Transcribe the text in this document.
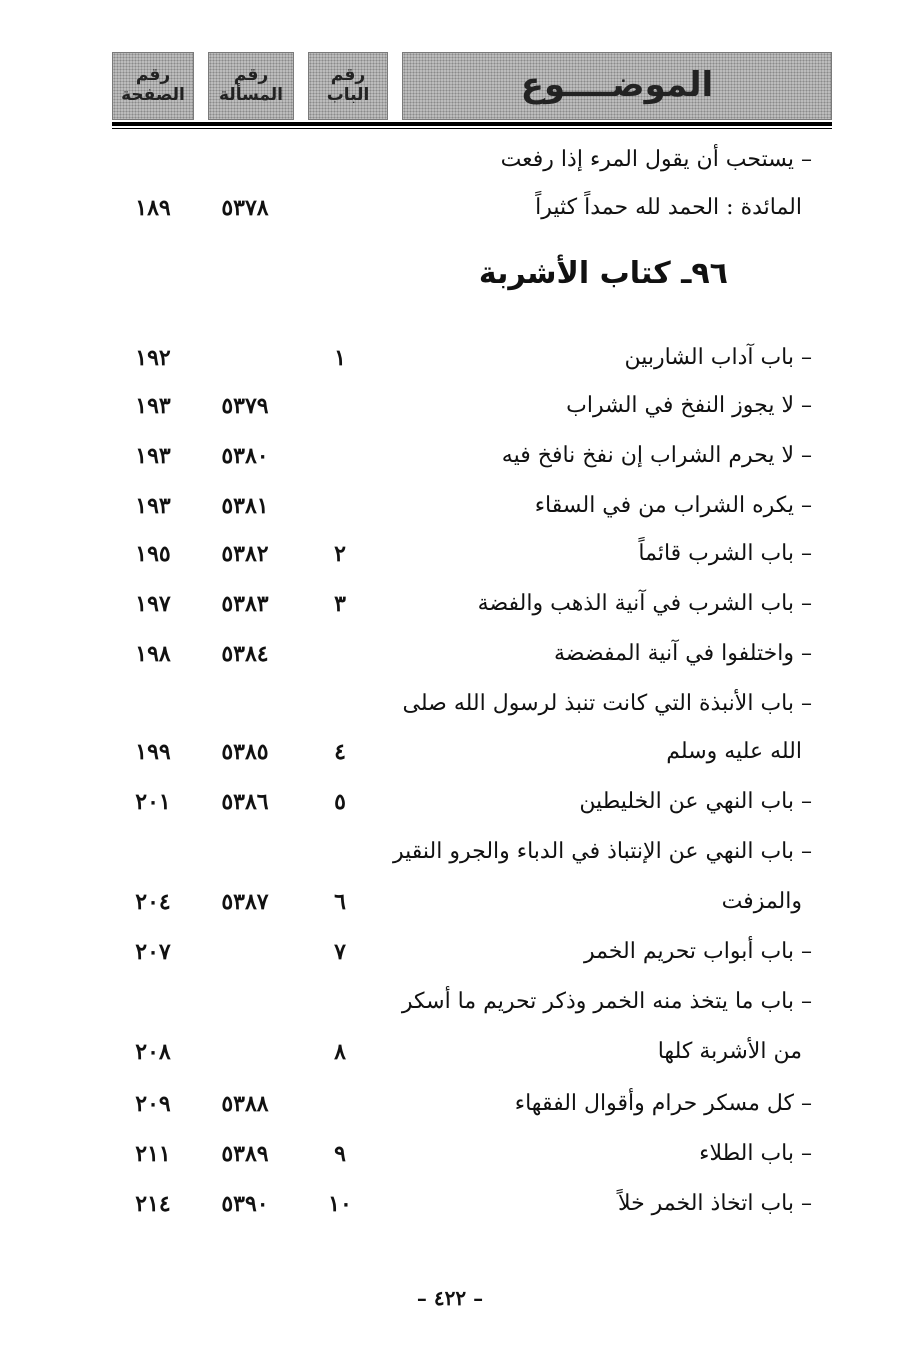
رقم
الصفحة
رقم
المسألة
رقم
الباب	الموضــــوع
٩٦ـ كتاب الأشربة
– يستحب أن يقول المرء إذا رفعت
المائدة : الحمد لله حمداً كثيراً
٥٣٧٨
١٨٩
– باب آداب الشاربين
١
١٩٢
– لا يجوز النفخ في الشراب
٥٣٧٩
١٩٣
– لا يحرم الشراب إن نفخ نافخ فيه
٥٣٨٠
١٩٣
– يكره الشراب من في السقاء
٥٣٨١
١٩٣
– باب الشرب قائماً
٢
٥٣٨٢
١٩٥
– باب الشرب في آنية الذهب والفضة
٣
٥٣٨٣
١٩٧
– واختلفوا في آنية المفضضة
٥٣٨٤
١٩٨
– باب الأنبذة التي كانت تنبذ لرسول الله صلى
الله عليه وسلم
٤
٥٣٨٥
١٩٩
– باب النهي عن الخليطين
٥
٥٣٨٦
٢٠١
– باب النهي عن الإنتباذ في الدباء والجرو النقير
والمزفت
٦
٥٣٨٧
٢٠٤
– باب أبواب تحريم الخمر
٧
٢٠٧
– باب ما يتخذ منه الخمر وذكر تحريم ما أسكر
من الأشربة كلها
٨
٢٠٨
– كل مسكر حرام وأقوال الفقهاء
٥٣٨٨
٢٠٩
– باب الطلاء
٩
٥٣٨٩
٢١١
– باب اتخاذ الخمر خلاً
١٠
٥٣٩٠
٢١٤
– ٤٢٢ –
